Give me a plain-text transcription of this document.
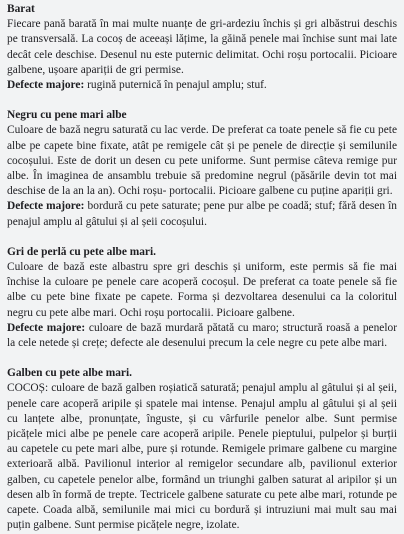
Barat

Fiecare pană barată în mai multe nuanțe de gri-ardeziu închis și gri albăstrui deschis pe transversală. La cocoș de aceeași lățime, la găină penele mai închise sunt mai late decât cele deschise. Desenul nu este puternic delimitat. Ochi roșu portocalii. Picioare galbene, ușoare apariții de gri permise.

Defecte majore: rugină puternică în penajul amplu; stuf.

Negru cu pene mari albe

Culoare de bază negru saturată cu lac verde. De preferat ca toate penele să fie cu pete albe pe capete bine fixate, atât pe remigele cât și pe penele de direcție și semilunile cocoșului. Este de dorit un desen cu pete uniforme. Sunt permise câteva remige pur albe. În imaginea de ansamblu trebuie să predomine negrul (păsările devin tot mai deschise de la an la an). Ochi roșu- portocalii. Picioare galbene cu puține apariții gri.

Defecte majore: bordură cu pete saturate; pene pur albe pe coadă; stuf; fără desen în penajul amplu al gâtului și al șeii cocoșului.

Gri de perlă cu pete albe mari.

Culoare de bază este albastru spre gri deschis și uniform, este permis să fie mai închise la culoare pe penele care acoperă cocoșul. De preferat ca toate penele să fie albe cu pete bine fixate pe capete. Forma și dezvoltarea desenului ca la coloritul negru cu pete albe mari. Ochi roșu portocalii. Picioare galbene.

Defecte majore: culoare de bază murdară pătată cu maro; structură roasă a penelor la cele netede și crețe; defecte ale desenului precum la cele negre cu pete albe mari.

Galben cu pete albe mari.

COCOȘ: culoare de bază galben roșiatică saturată; penajul amplu al gâtului și al șeii, penele care acoperă aripile și spatele mai intense. Penajul amplu al gâtului și al șeii cu lanțete albe, pronunțate, înguste, și cu vârfurile penelor albe. Sunt permise picățele mici albe pe penele care acoperă aripile. Penele pieptului, pulpelor și burții au capetele cu pete mari albe, pure și rotunde. Remigele primare galbene cu margine exterioară albă. Pavilionul interior al remigelor secundare alb, pavilionul exterior galben, cu capetele penelor albe, formând un triunghi galben saturat al aripilor și un desen alb în formă de treptе. Tectricele galbene saturate cu pete albe mari, rotunde pe capete. Coada albă, semilunile mai mici cu bordură și intruziuni mai mult sau mai puțin galbene. Sunt permise picățele negre, izolate.
